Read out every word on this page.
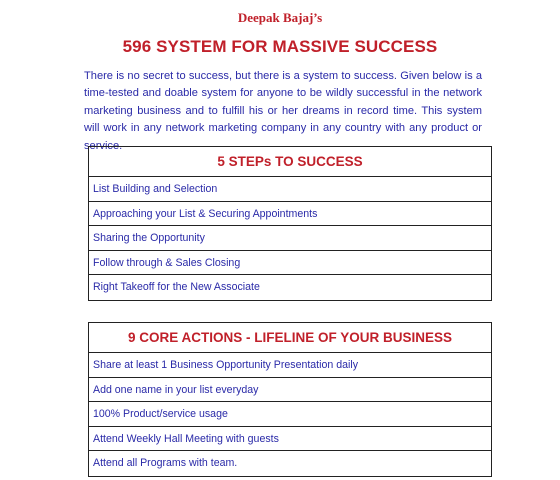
Deepak Bajaj’s
596 SYSTEM FOR MASSIVE SUCCESS
There is no secret to success, but there is a system to success. Given below is a time-tested and doable system for anyone to be wildly successful in the network marketing business and to fulfill his or her dreams in record time. This system will work in any network marketing company in any country with any product or service.
5 STEPs TO SUCCESS
List Building and Selection
Approaching your List & Securing Appointments
Sharing the Opportunity
Follow through & Sales Closing
Right Takeoff for the New Associate
9 CORE ACTIONS - LIFELINE OF YOUR BUSINESS
Share at least 1 Business Opportunity Presentation daily
Add one name in your list everyday
100% Product/service usage
Attend Weekly Hall Meeting with guests
Attend all Programs with team.
